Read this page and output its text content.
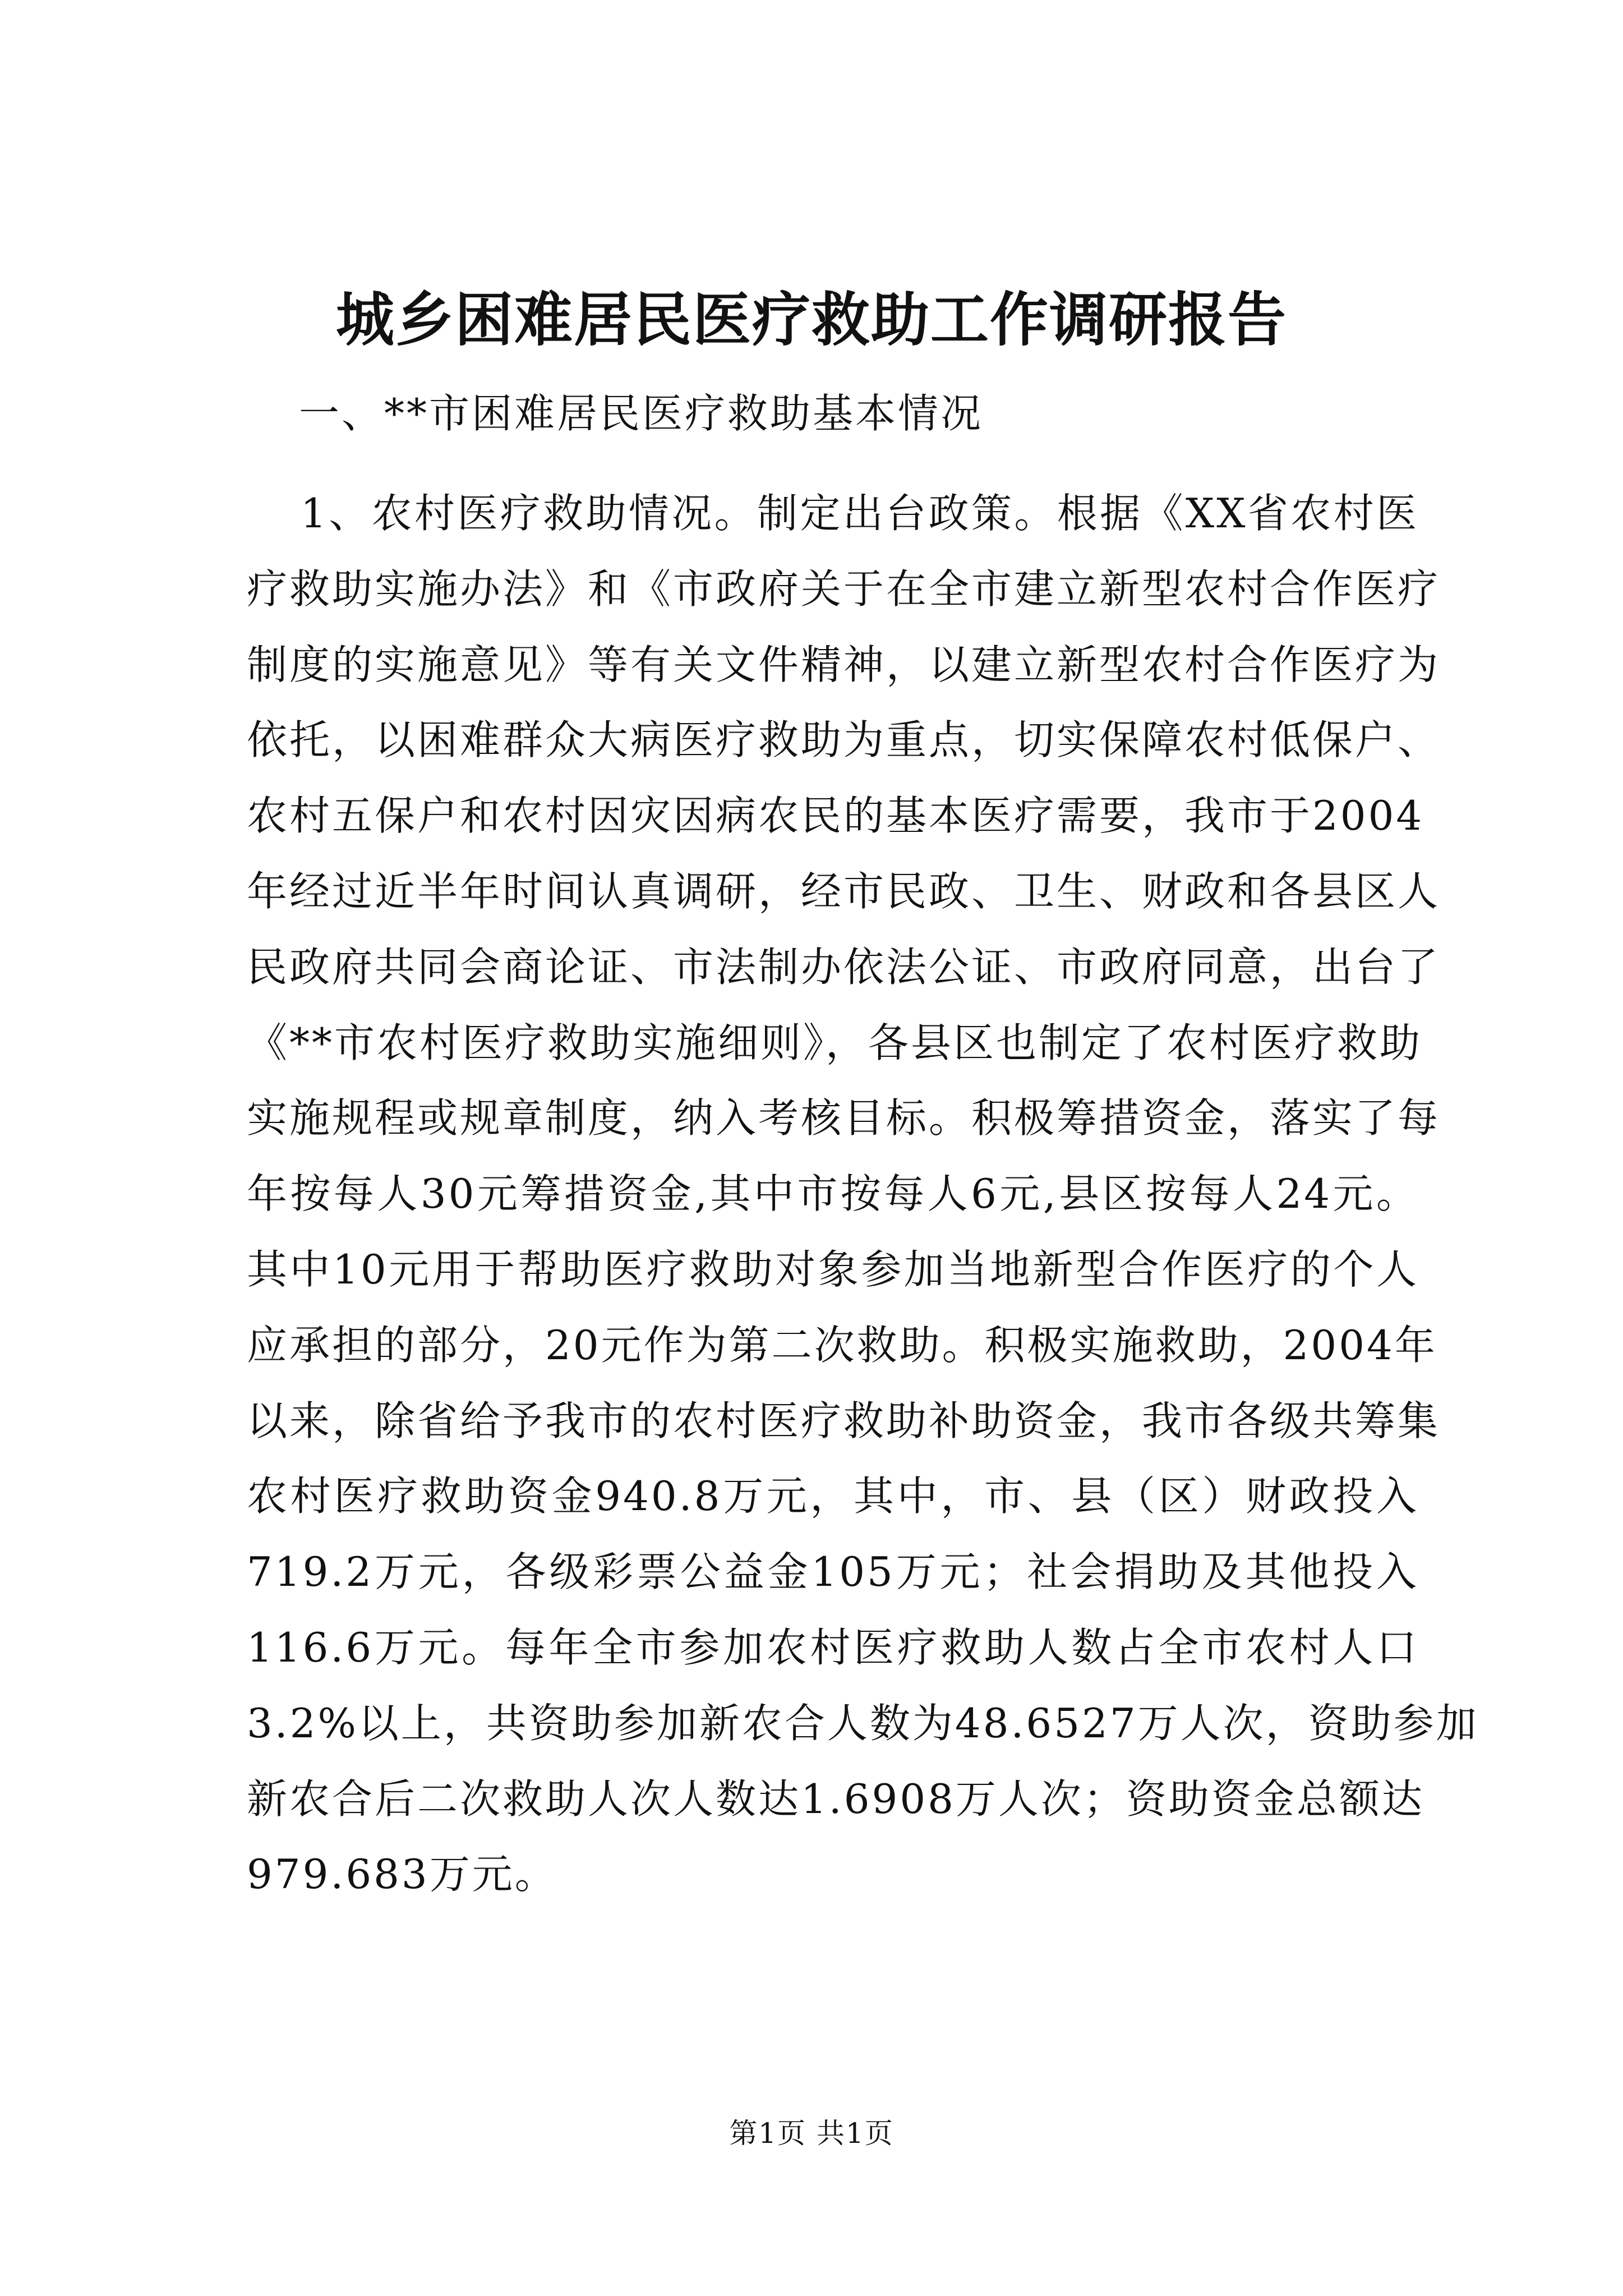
城乡困难居民医疗救助工作调研报告
一、**市困难居民医疗救助基本情况
1、农村医疗救助情况。制定出台政策。根据《XX省农村医
疗救助实施办法》和《市政府关于在全市建立新型农村合作医疗
制度的实施意见》等有关文件精神，以建立新型农村合作医疗为
依托，以困难群众大病医疗救助为重点，切实保障农村低保户、
农村五保户和农村因灾因病农民的基本医疗需要，我市于2004
年经过近半年时间认真调研，经市民政、卫生、财政和各县区人
民政府共同会商论证、市法制办依法公证、市政府同意，出台了
《**市农村医疗救助实施细则》，各县区也制定了农村医疗救助
实施规程或规章制度，纳入考核目标。积极筹措资金，落实了每
年按每人30元筹措资金,其中市按每人6元,县区按每人24元。
其中10元用于帮助医疗救助对象参加当地新型合作医疗的个人
应承担的部分，20元作为第二次救助。积极实施救助，2004年
以来，除省给予我市的农村医疗救助补助资金，我市各级共筹集
农村医疗救助资金940.8万元，其中，市、县（区）财政投入
719.2万元，各级彩票公益金105万元；社会捐助及其他投入
116.6万元。每年全市参加农村医疗救助人数占全市农村人口
3.2%以上，共资助参加新农合人数为48.6527万人次，资助参加
新农合后二次救助人次人数达1.6908万人次；资助资金总额达
979.683万元。
第1页 共1页
